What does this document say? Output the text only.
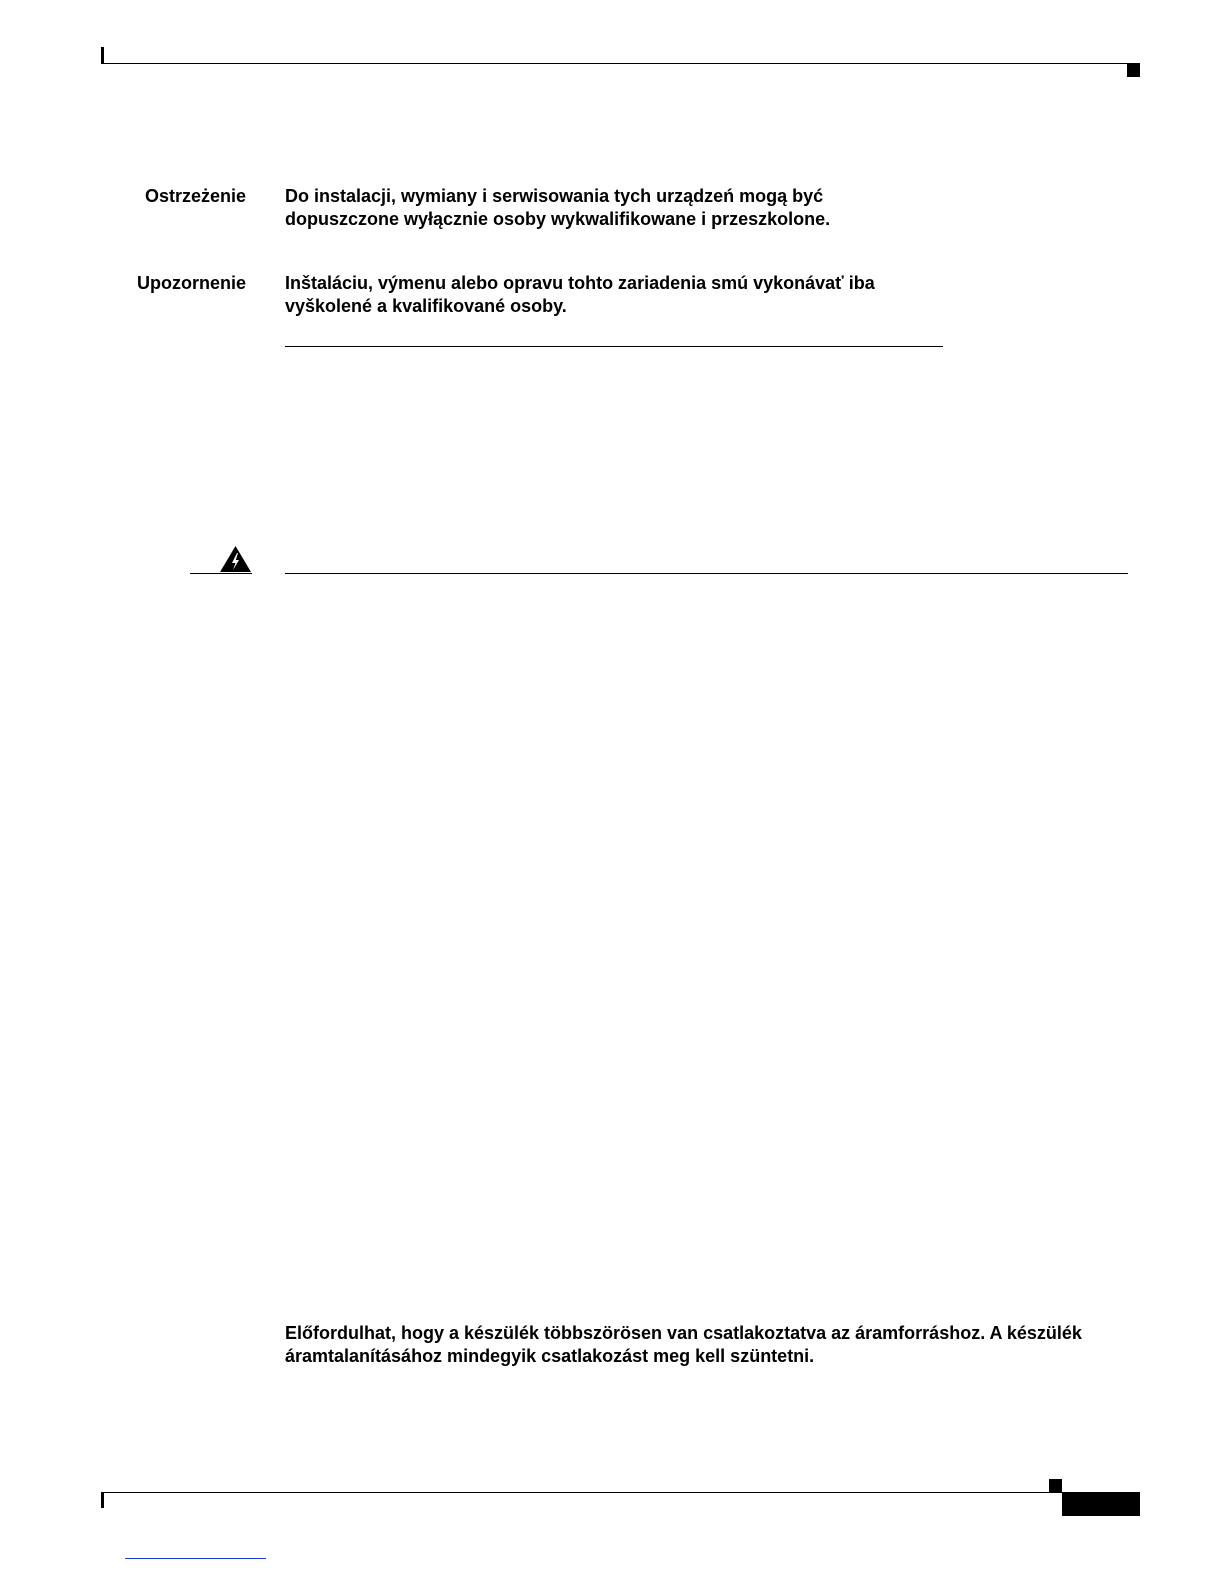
Ostrzeżenie Do instalacji, wymiany i serwisowania tych urządzeń mogą być
dopuszczone wyłącznie osoby wykwalifikowane i przeszkolone.
Upozornenie Inštaláciu, výmenu alebo opravu tohto zariadenia smú vykonávať iba
vyškolené a kvalifikované osoby.
Előfordulhat, hogy a készülék többszörösen van csatlakoztatva az áramforráshoz. A készülék
áramtalanításához mindegyik csatlakozást meg kell szüntetni.
